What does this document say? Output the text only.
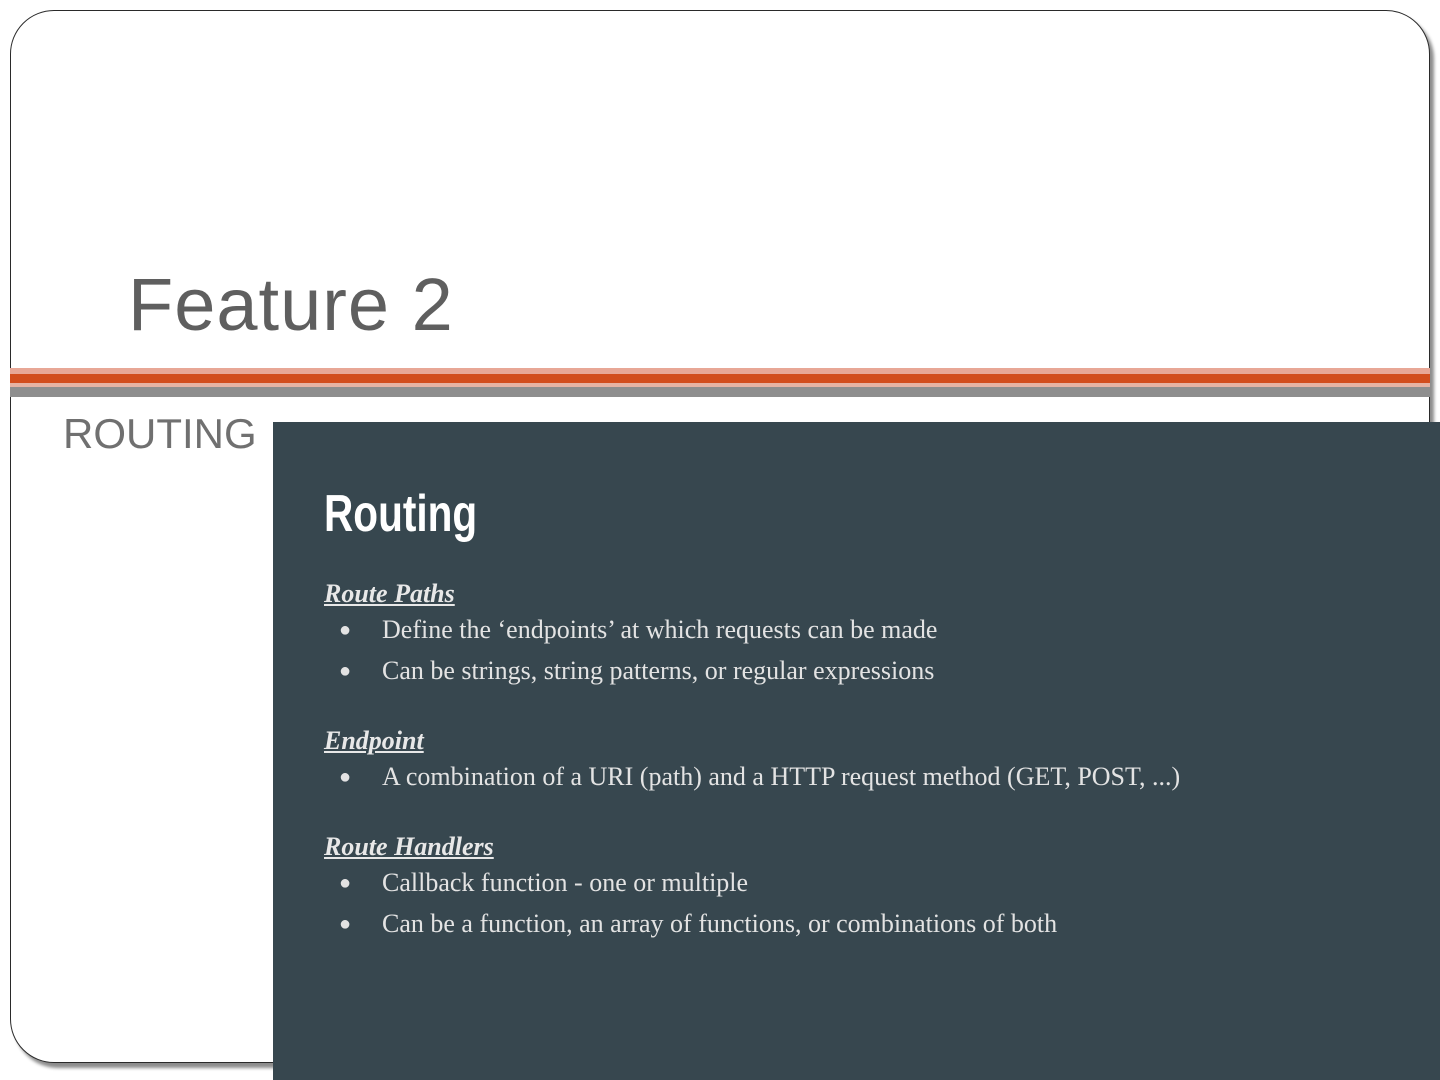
Feature 2
ROUTING
Routing
Route Paths
● Define the ‘endpoints’ at which requests can be made
● Can be strings, string patterns, or regular expressions
Endpoint
● A combination of a URI (path) and a HTTP request method (GET, POST, ...)
Route Handlers
● Callback function - one or multiple
● Can be a function, an array of functions, or combinations of both
